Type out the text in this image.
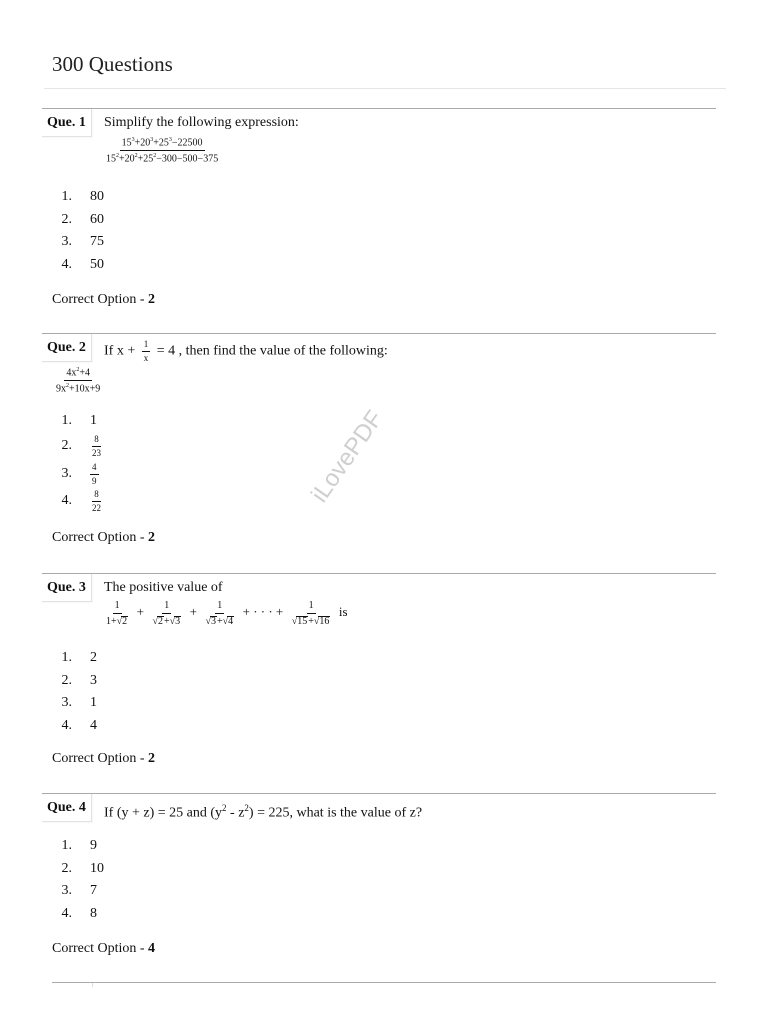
300 Questions
Que. 1	Simplify the following expression:
$\frac{15^3+20^3+25^3-22500}{15^2+20^2+25^2-300-500-375}$
1. 80
2. 60
3. 75
4. 50
Correct Option - 2
Que. 2	If $x + \frac{1}{x} = 4$ , then find the value of the following:
$\frac{4x^2+4}{9x^2+10x+9}$
1. 1
2. $\frac{8}{23}$
3. $\frac{4}{9}$
4. $\frac{8}{22}$
Correct Option - 2
Que. 3	The positive value of
$\frac{1}{1+√2} + \frac{1}{√2+√3} + \frac{1}{√3+√4}$ + · · · + $\frac{1}{√15+√16}$ is
1. 2
2. 3
3. 1
4. 4
Correct Option - 2
Que. 4	If (y + z) = 25 and $(y^2 - z^2) = 225$, what is the value of z?
1. 9
2. 10
3. 7
4. 8
Correct Option - 4
iLovePDF
